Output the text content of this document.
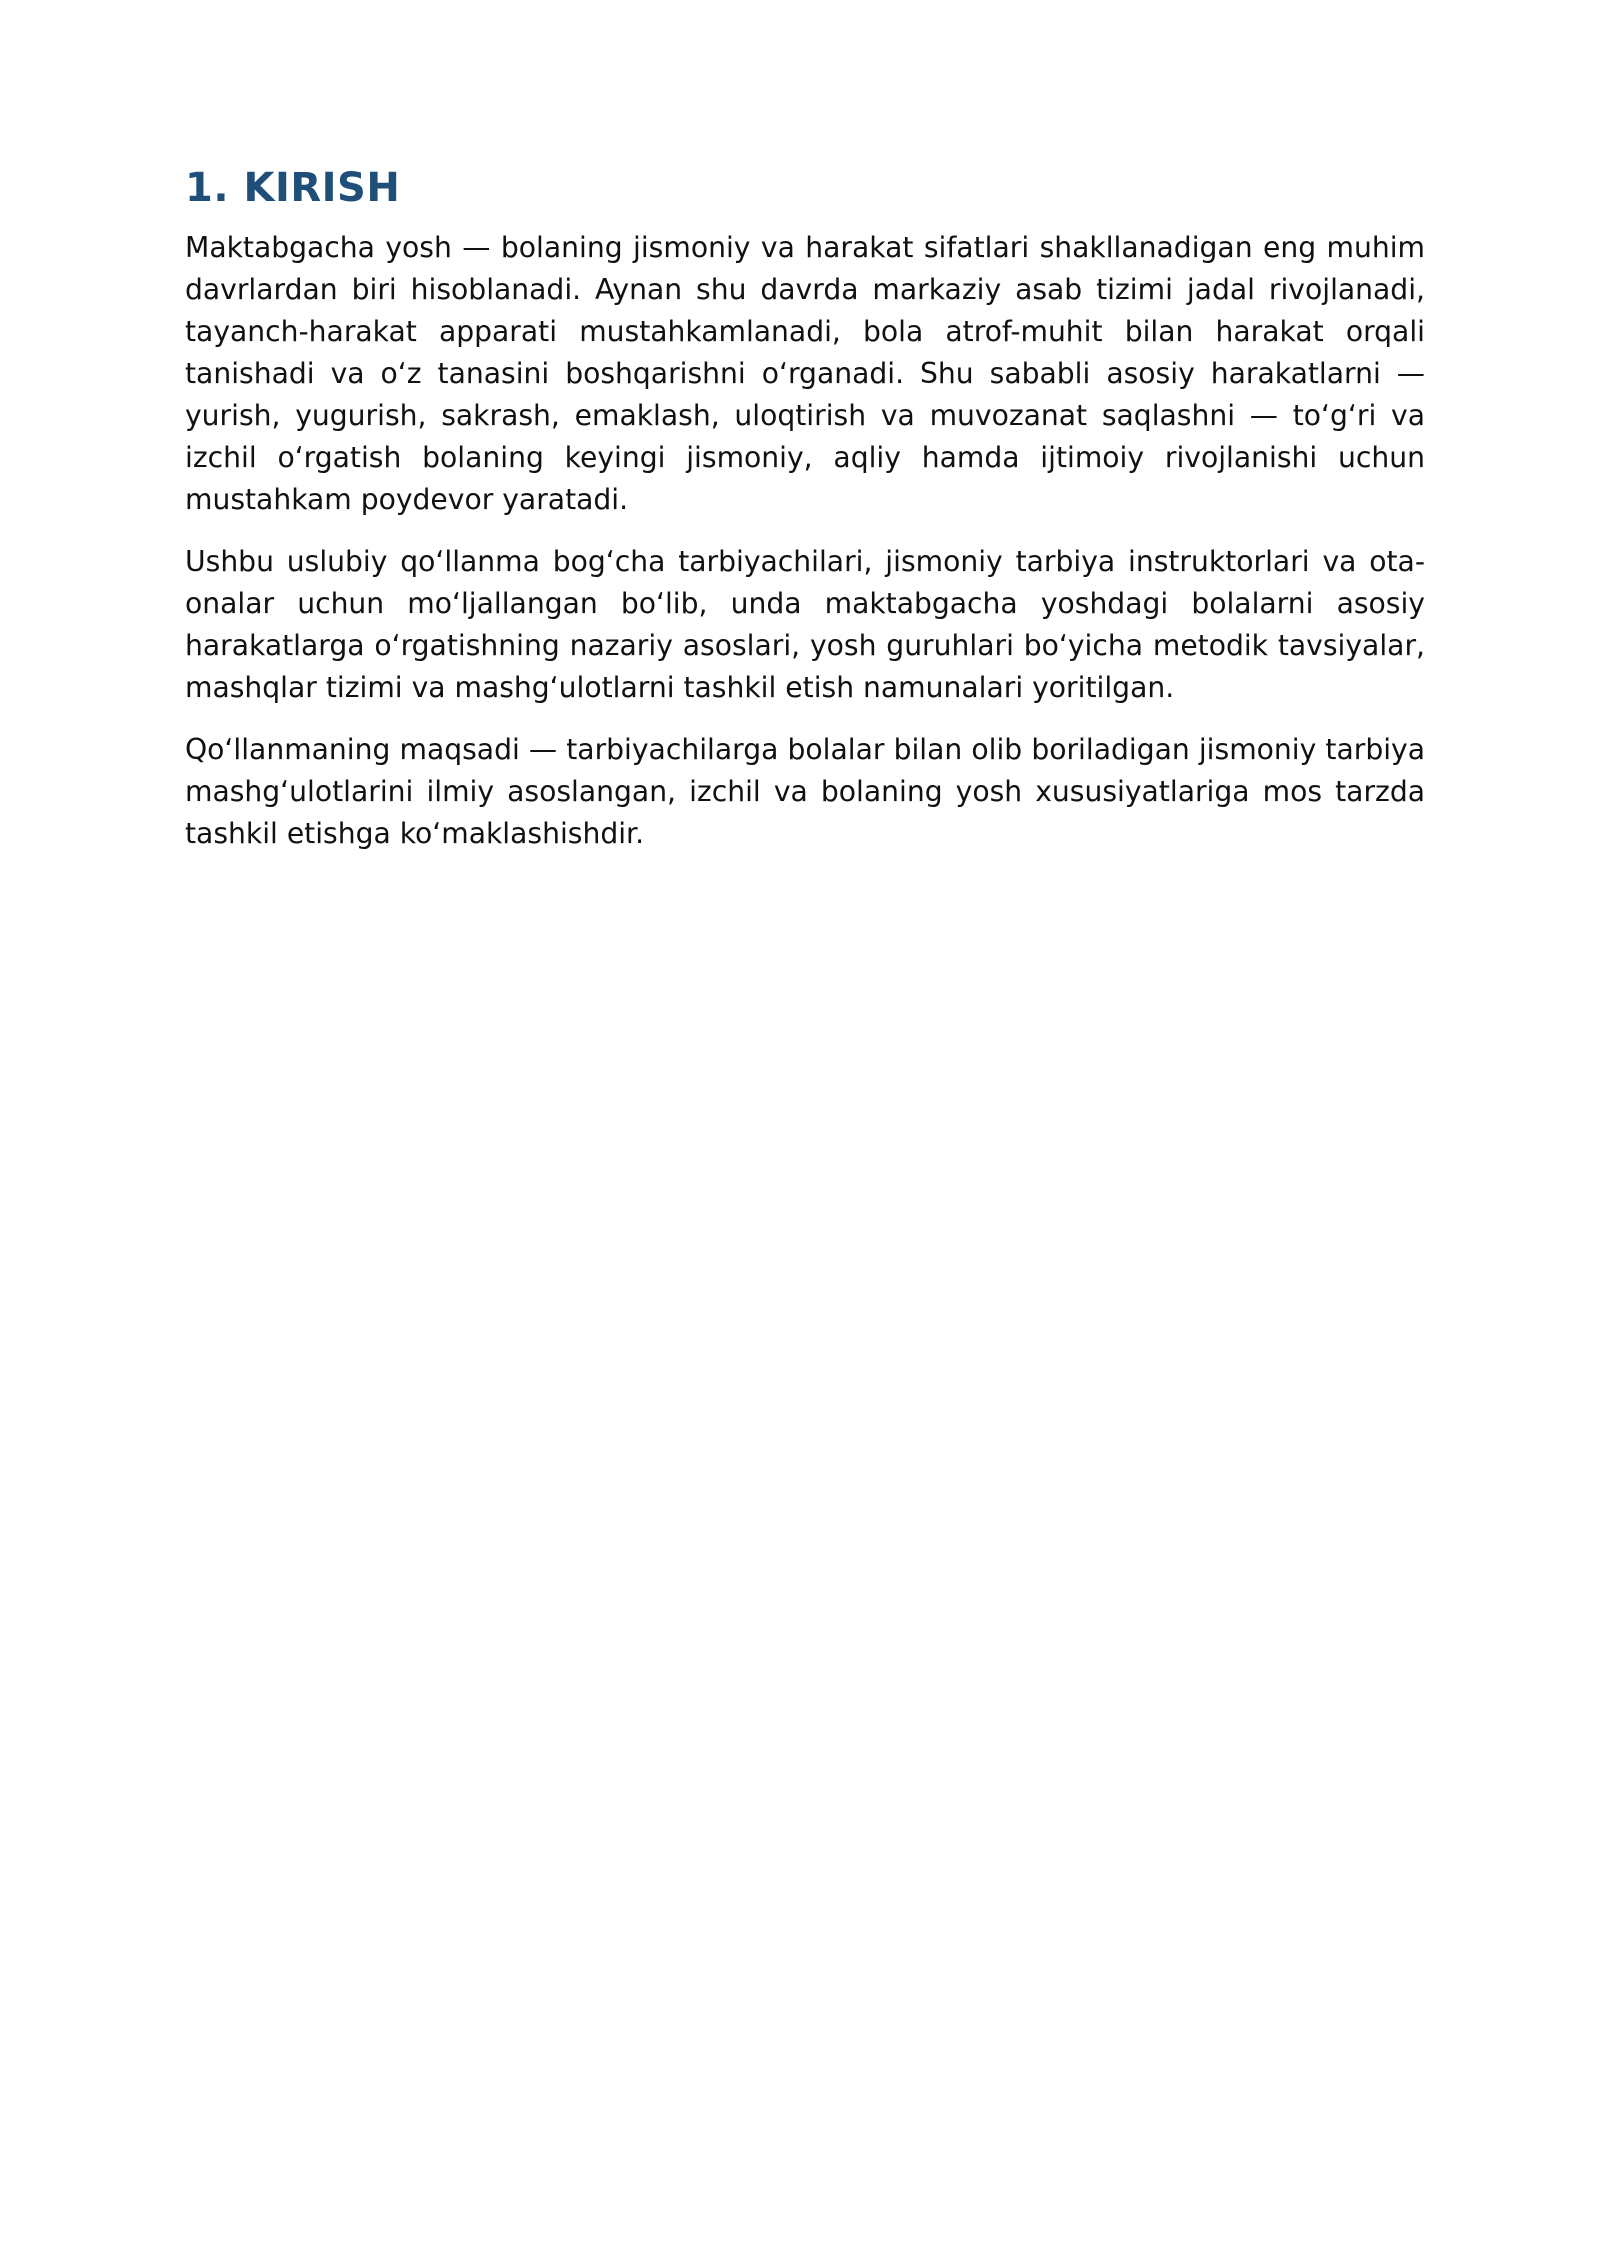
1. KIRISH

Maktabgacha yosh — bolaning jismoniy va harakat sifatlari shakllanadigan eng muhim davrlardan biri hisoblanadi. Aynan shu davrda markaziy asab tizimi jadal rivojlanadi, tayanch-harakat apparati mustahkamlanadi, bola atrof-muhit bilan harakat orqali tanishadi va oʻz tanasini boshqarishni oʻrganadi. Shu sababli asosiy harakatlarni — yurish, yugurish, sakrash, emaklash, uloqtirish va muvozanat saqlashni — toʻgʻri va izchil oʻrgatish bolaning keyingi jismoniy, aqliy hamda ijtimoiy rivojlanishi uchun mustahkam poydevor yaratadi.

Ushbu uslubiy qoʻllanma bogʻcha tarbiyachilari, jismoniy tarbiya instruktorlari va ota-onalar uchun moʻljallangan boʻlib, unda maktabgacha yoshdagi bolalarni asosiy harakatlarga oʻrgatishning nazariy asoslari, yosh guruhlari boʻyicha metodik tavsiyalar, mashqlar tizimi va mashgʻulotlarni tashkil etish namunalari yoritilgan.

Qoʻllanmaning maqsadi — tarbiyachilarga bolalar bilan olib boriladigan jismoniy tarbiya mashgʻulotlarini ilmiy asoslangan, izchil va bolaning yosh xususiyatlariga mos tarzda tashkil etishga koʻmaklashishdir.
